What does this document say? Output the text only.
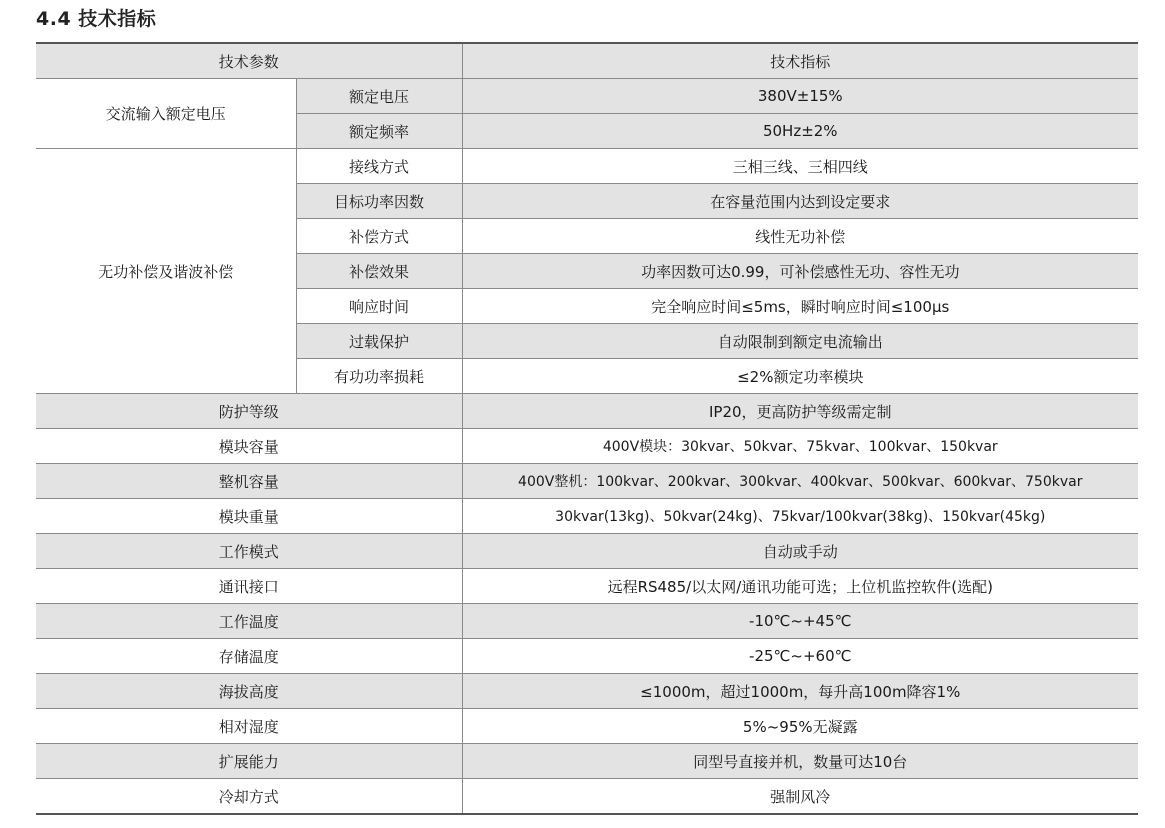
4.4 技术指标
技术参数		技术指标
交流输入额定电压	额定电压	380V±15%
	额定频率	50Hz±2%
无功补偿及谐波补偿	接线方式	三相三线、三相四线
	目标功率因数	在容量范围内达到设定要求
	补偿方式	线性无功补偿
	补偿效果	功率因数可达0.99，可补偿感性无功、容性无功
	响应时间	完全响应时间≤5ms，瞬时响应时间≤100μs
	过载保护	自动限制到额定电流输出
	有功功率损耗	≤2%额定功率模块
防护等级		IP20，更高防护等级需定制
模块容量		400V模块：30kvar、50kvar、75kvar、100kvar、150kvar
整机容量		400V整机：100kvar、200kvar、300kvar、400kvar、500kvar、600kvar、750kvar
模块重量		30kvar(13kg)、50kvar(24kg)、75kvar/100kvar(38kg)、150kvar(45kg)
工作模式		自动或手动
通讯接口		远程RS485/以太网/通讯功能可选；上位机监控软件(选配)
工作温度		-10℃~+45℃
存储温度		-25℃~+60℃
海拔高度		≤1000m，超过1000m，每升高100m降容1%
相对湿度		5%~95%无凝露
扩展能力		同型号直接并机，数量可达10台
冷却方式		强制风冷
